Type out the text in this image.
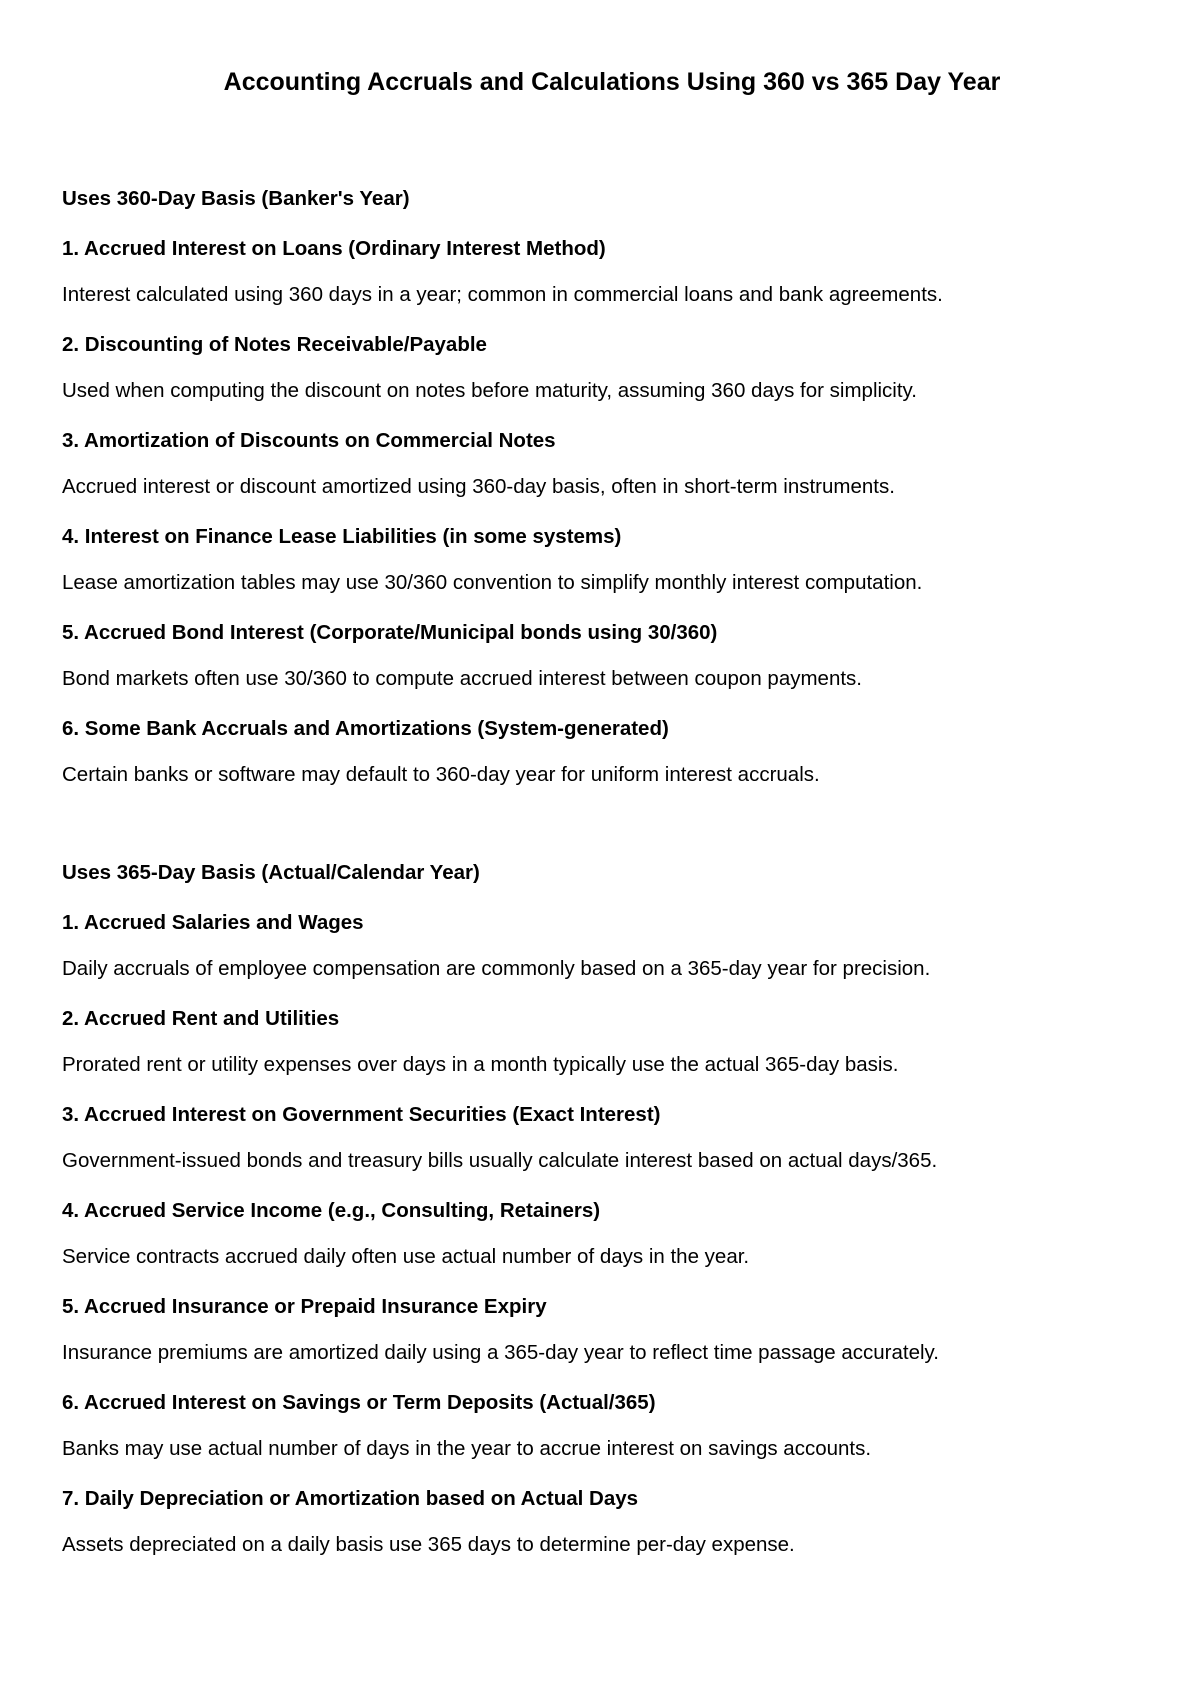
Accounting Accruals and Calculations Using 360 vs 365 Day Year
Uses 360-Day Basis (Banker's Year)
1. Accrued Interest on Loans (Ordinary Interest Method)
Interest calculated using 360 days in a year; common in commercial loans and bank agreements.
2. Discounting of Notes Receivable/Payable
Used when computing the discount on notes before maturity, assuming 360 days for simplicity.
3. Amortization of Discounts on Commercial Notes
Accrued interest or discount amortized using 360-day basis, often in short-term instruments.
4. Interest on Finance Lease Liabilities (in some systems)
Lease amortization tables may use 30/360 convention to simplify monthly interest computation.
5. Accrued Bond Interest (Corporate/Municipal bonds using 30/360)
Bond markets often use 30/360 to compute accrued interest between coupon payments.
6. Some Bank Accruals and Amortizations (System-generated)
Certain banks or software may default to 360-day year for uniform interest accruals.
Uses 365-Day Basis (Actual/Calendar Year)
1. Accrued Salaries and Wages
Daily accruals of employee compensation are commonly based on a 365-day year for precision.
2. Accrued Rent and Utilities
Prorated rent or utility expenses over days in a month typically use the actual 365-day basis.
3. Accrued Interest on Government Securities (Exact Interest)
Government-issued bonds and treasury bills usually calculate interest based on actual days/365.
4. Accrued Service Income (e.g., Consulting, Retainers)
Service contracts accrued daily often use actual number of days in the year.
5. Accrued Insurance or Prepaid Insurance Expiry
Insurance premiums are amortized daily using a 365-day year to reflect time passage accurately.
6. Accrued Interest on Savings or Term Deposits (Actual/365)
Banks may use actual number of days in the year to accrue interest on savings accounts.
7. Daily Depreciation or Amortization based on Actual Days
Assets depreciated on a daily basis use 365 days to determine per-day expense.
